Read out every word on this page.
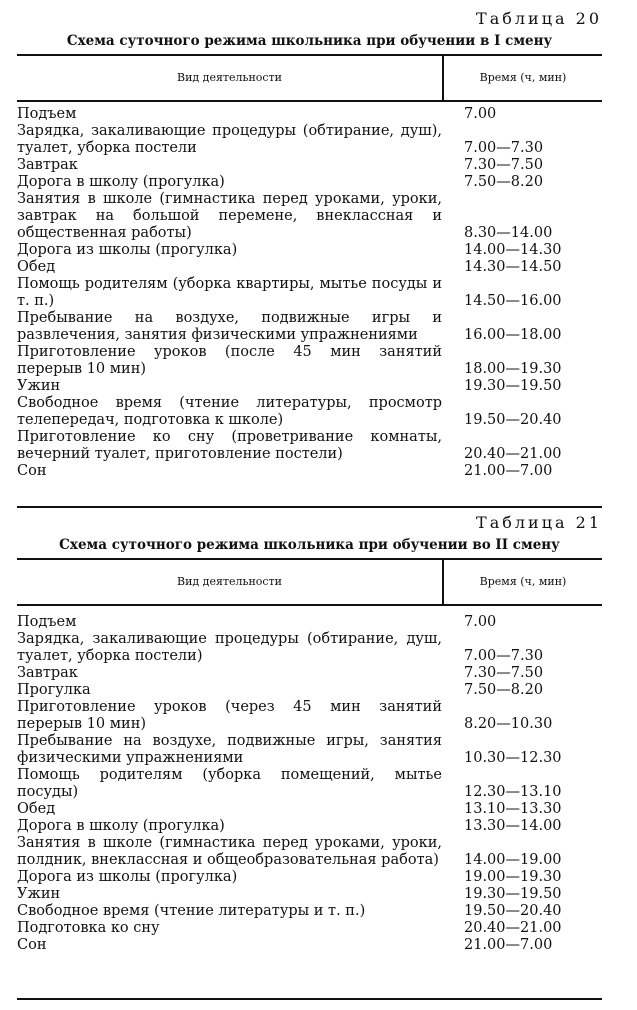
Таблица 20
Схема суточного режима школьника при обучении в I смену
Вид деятельности	Время (ч, мин)
Подъем	7.00
Зарядка, закаливающие процедуры (обтирание, душ), туалет, уборка постели	7.00—7.30
Завтрак	7.30—7.50
Дорога в школу (прогулка)	7.50—8.20
Занятия в школе (гимнастика перед уроками, уроки, завтрак на большой перемене, внеклассная и общественная работы)	8.30—14.00
Дорога из школы (прогулка)	14.00—14.30
Обед	14.30—14.50
Помощь родителям (уборка квартиры, мытье посуды и т. п.)	14.50—16.00
Пребывание на воздухе, подвижные игры и развлечения, занятия физическими упражнениями	16.00—18.00
Приготовление уроков (после 45 мин занятий перерыв 10 мин)	18.00—19.30
Ужин	19.30—19.50
Свободное время (чтение литературы, просмотр телепередач, подготовка к школе)	19.50—20.40
Приготовление ко сну (проветривание комнаты, вечерний туалет, приготовление постели)	20.40—21.00
Сон	21.00—7.00
Таблица 21
Схема суточного режима школьника при обучении во II смену
Вид деятельности	Время (ч, мин)
Подъем	7.00
Зарядка, закаливающие процедуры (обтирание, душ, туалет, уборка постели)	7.00—7.30
Завтрак	7.30—7.50
Прогулка	7.50—8.20
Приготовление уроков (через 45 мин занятий перерыв 10 мин)	8.20—10.30
Пребывание на воздухе, подвижные игры, занятия физическими упражнениями	10.30—12.30
Помощь родителям (уборка помещений, мытье посуды)	12.30—13.10
Обед	13.10—13.30
Дорога в школу (прогулка)	13.30—14.00
Занятия в школе (гимнастика перед уроками, уроки, полдник, внеклассная и общеобразовательная работа)	14.00—19.00
Дорога из школы (прогулка)	19.00—19.30
Ужин	19.30—19.50
Свободное время (чтение литературы и т. п.)	19.50—20.40
Подготовка ко сну	20.40—21.00
Сон	21.00—7.00
